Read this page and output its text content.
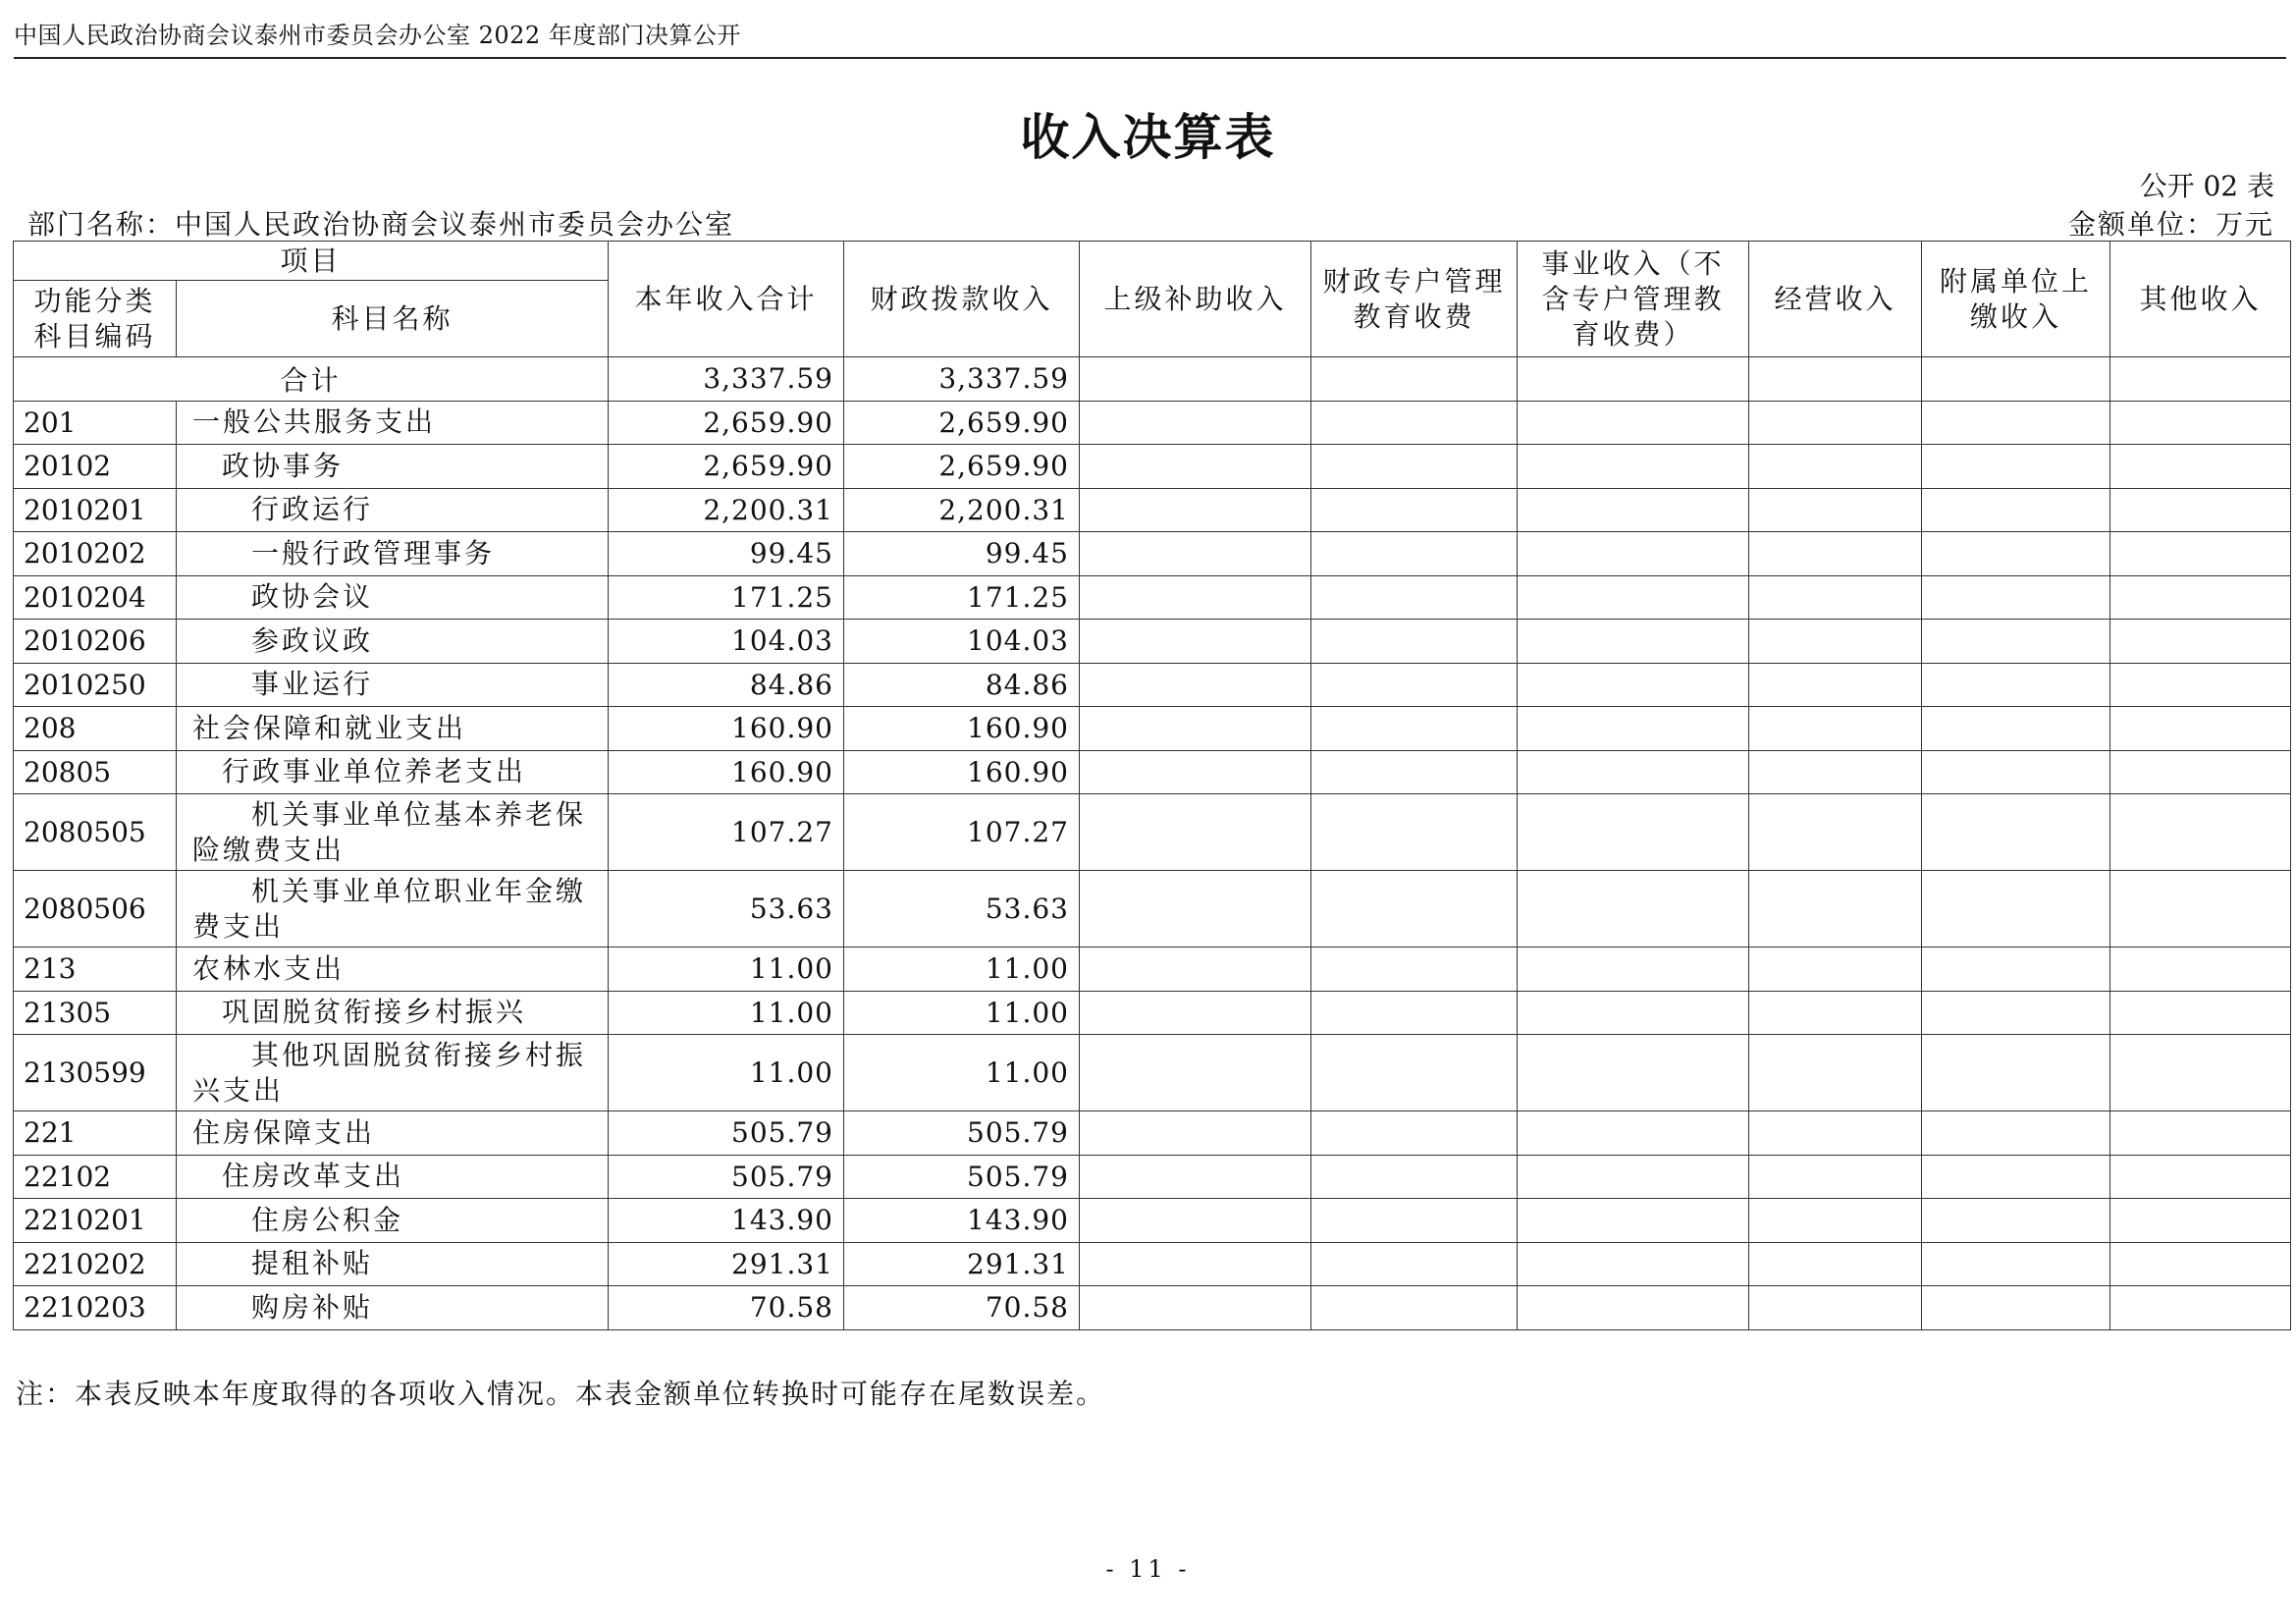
中国人民政治协商会议泰州市委员会办公室 2022 年度部门决算公开
收入决算表
公开 02 表
部门名称：中国人民政治协商会议泰州市委员会办公室	金额单位：万元
项目		本年收入合计	财政拨款收入	上级补助收入	财政专户管理教育收费	事业收入（不含专户管理教育收费）	经营收入	附属单位上缴收入	其他收入
功能分类科目编码	科目名称								
合计		3,337.59	3,337.59						
201	一般公共服务支出	2,659.90	2,659.90						
20102	政协事务	2,659.90	2,659.90						
2010201	行政运行	2,200.31	2,200.31						
2010202	一般行政管理事务	99.45	99.45						
2010204	政协会议	171.25	171.25						
2010206	参政议政	104.03	104.03						
2010250	事业运行	84.86	84.86						
208	社会保障和就业支出	160.90	160.90						
20805	行政事业单位养老支出	160.90	160.90						
2080505	机关事业单位基本养老保险缴费支出	107.27	107.27						
2080506	机关事业单位职业年金缴费支出	53.63	53.63						
213	农林水支出	11.00	11.00						
21305	巩固脱贫衔接乡村振兴	11.00	11.00						
2130599	其他巩固脱贫衔接乡村振兴支出	11.00	11.00						
221	住房保障支出	505.79	505.79						
22102	住房改革支出	505.79	505.79						
2210201	住房公积金	143.90	143.90						
2210202	提租补贴	291.31	291.31						
2210203	购房补贴	70.58	70.58						
注：本表反映本年度取得的各项收入情况。本表金额单位转换时可能存在尾数误差。
- 11 -
